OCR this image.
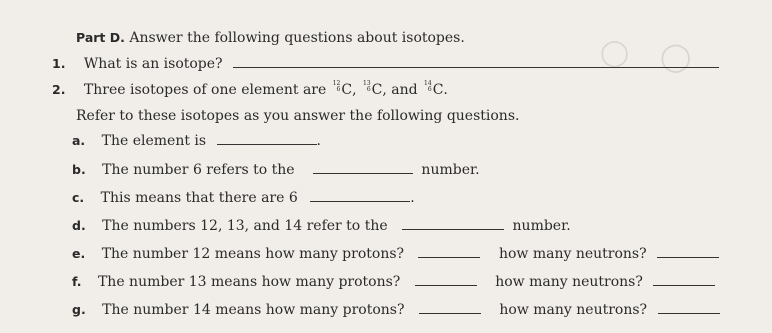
◯ ◯
Part D. Answer the following questions about isotopes.
1. What is an isotope?
2. Three isotopes of one element are 12
6 C, 13
6 C, and 14
6 C.
Refer to these isotopes as you answer the following questions.
a. The element is	.
b. The number 6 refers to the	number.
c. This means that there are 6	.
d. The numbers 12, 13, and 14 refer to the	number.
e. The number 12 means how many protons?	how many neutrons?
f. The number 13 means how many protons?	how many neutrons?
g. The number 14 means how many protons?	how many neutrons?
